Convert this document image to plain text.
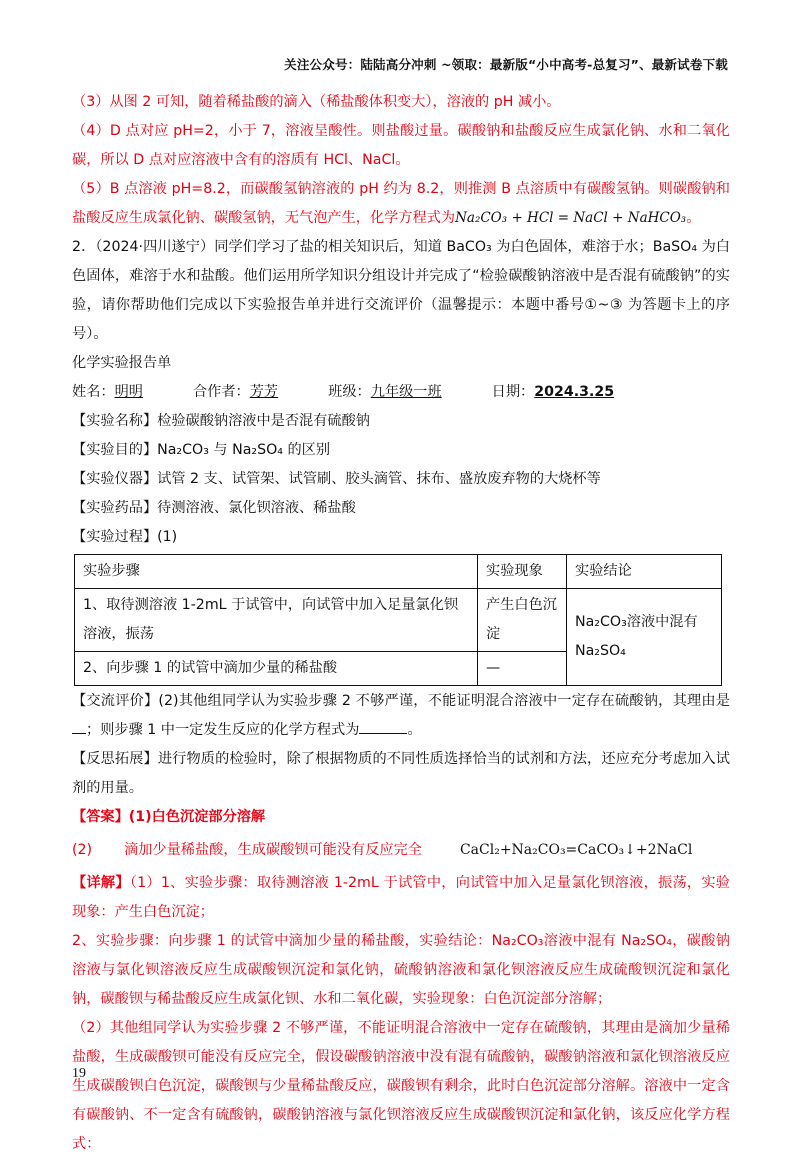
关注公众号：陆陆高分冲刺 ~领取：最新版“小中高考-总复习”、最新试卷下载

（3）从图 2 可知，随着稀盐酸的滴入（稀盐酸体积变大），溶液的 pH 减小。

（4）D 点对应 pH=2，小于 7，溶液呈酸性。则盐酸过量。碳酸钠和盐酸反应生成氯化钠、水和二氧化碳，所以 D 点对应溶液中含有的溶质有 HCl、NaCl。

（5）B 点溶液 pH=8.2，而碳酸氢钠溶液的 pH 约为 8.2，则推测 B 点溶质中有碳酸氢钠。则碳酸钠和盐酸反应生成氯化钠、碳酸氢钠，无气泡产生，化学方程式为Na₂CO₃ + HCl = NaCl + NaHCO₃。

2．（2024·四川遂宁）同学们学习了盐的相关知识后，知道 BaCO₃ 为白色固体，难溶于水；BaSO₄ 为白色固体，难溶于水和盐酸。他们运用所学知识分组设计并完成了“检验碳酸钠溶液中是否混有硫酸钠”的实验，请你帮助他们完成以下实验报告单并进行交流评价（温馨提示：本题中番号①~③ 为答题卡上的序号）。

化学实验报告单

姓名：明明	合作者：芳芳	班级：九年级一班	日期：2024.3.25

【实验名称】检验碳酸钠溶液中是否混有硫酸钠

【实验目的】Na₂CO₃ 与 Na₂SO₄ 的区别

【实验仪器】试管 2 支、试管架、试管刷、胶头滴管、抹布、盛放废弃物的大烧杯等

【实验药品】待测溶液、氯化钡溶液、稀盐酸

【实验过程】(1)

实验步骤	实验现象	实验结论
1、取待测溶液 1-2mL 于试管中，向试管中加入足量氯化钡溶液，振荡	产生白色沉淀	Na₂CO₃溶液中混有 Na₂SO₄
2、向步骤 1 的试管中滴加少量的稀盐酸	—	

【交流评价】(2)其他组同学认为实验步骤 2 不够严谨，不能证明混合溶液中一定存在硫酸钠，其理由是；则步骤 1 中一定发生反应的化学方程式为	。

【反思拓展】进行物质的检验时，除了根据物质的不同性质选择恰当的试剂和方法，还应充分考虑加入试剂的用量。

【答案】(1)白色沉淀部分溶解

(2)	滴加少量稀盐酸，生成碳酸钡可能没有反应完全	CaCl₂+Na₂CO₃=CaCO₃↓+2NaCl

【详解】（1）1、实验步骤：取待测溶液 1-2mL 于试管中，向试管中加入足量氯化钡溶液，振荡，实验现象：产生白色沉淀；

2、实验步骤：向步骤 1 的试管中滴加少量的稀盐酸，实验结论：Na₂CO₃溶液中混有 Na₂SO₄，碳酸钠溶液与氯化钡溶液反应生成碳酸钡沉淀和氯化钠，硫酸钠溶液和氯化钡溶液反应生成硫酸钡沉淀和氯化钠，碳酸钡与稀盐酸反应生成氯化钡、水和二氧化碳，实验现象：白色沉淀部分溶解；

（2）其他组同学认为实验步骤 2 不够严谨，不能证明混合溶液中一定存在硫酸钠，其理由是滴加少量稀盐酸，生成碳酸钡可能没有反应完全，假设碳酸钠溶液中没有混有硫酸钠，碳酸钠溶液和氯化钡溶液反应生成碳酸钡白色沉淀，碳酸钡与少量稀盐酸反应，碳酸钡有剩余，此时白色沉淀部分溶解。溶液中一定含有碳酸钠、不一定含有硫酸钠，碳酸钠溶液与氯化钡溶液反应生成碳酸钡沉淀和氯化钠，该反应化学方程式：

19
